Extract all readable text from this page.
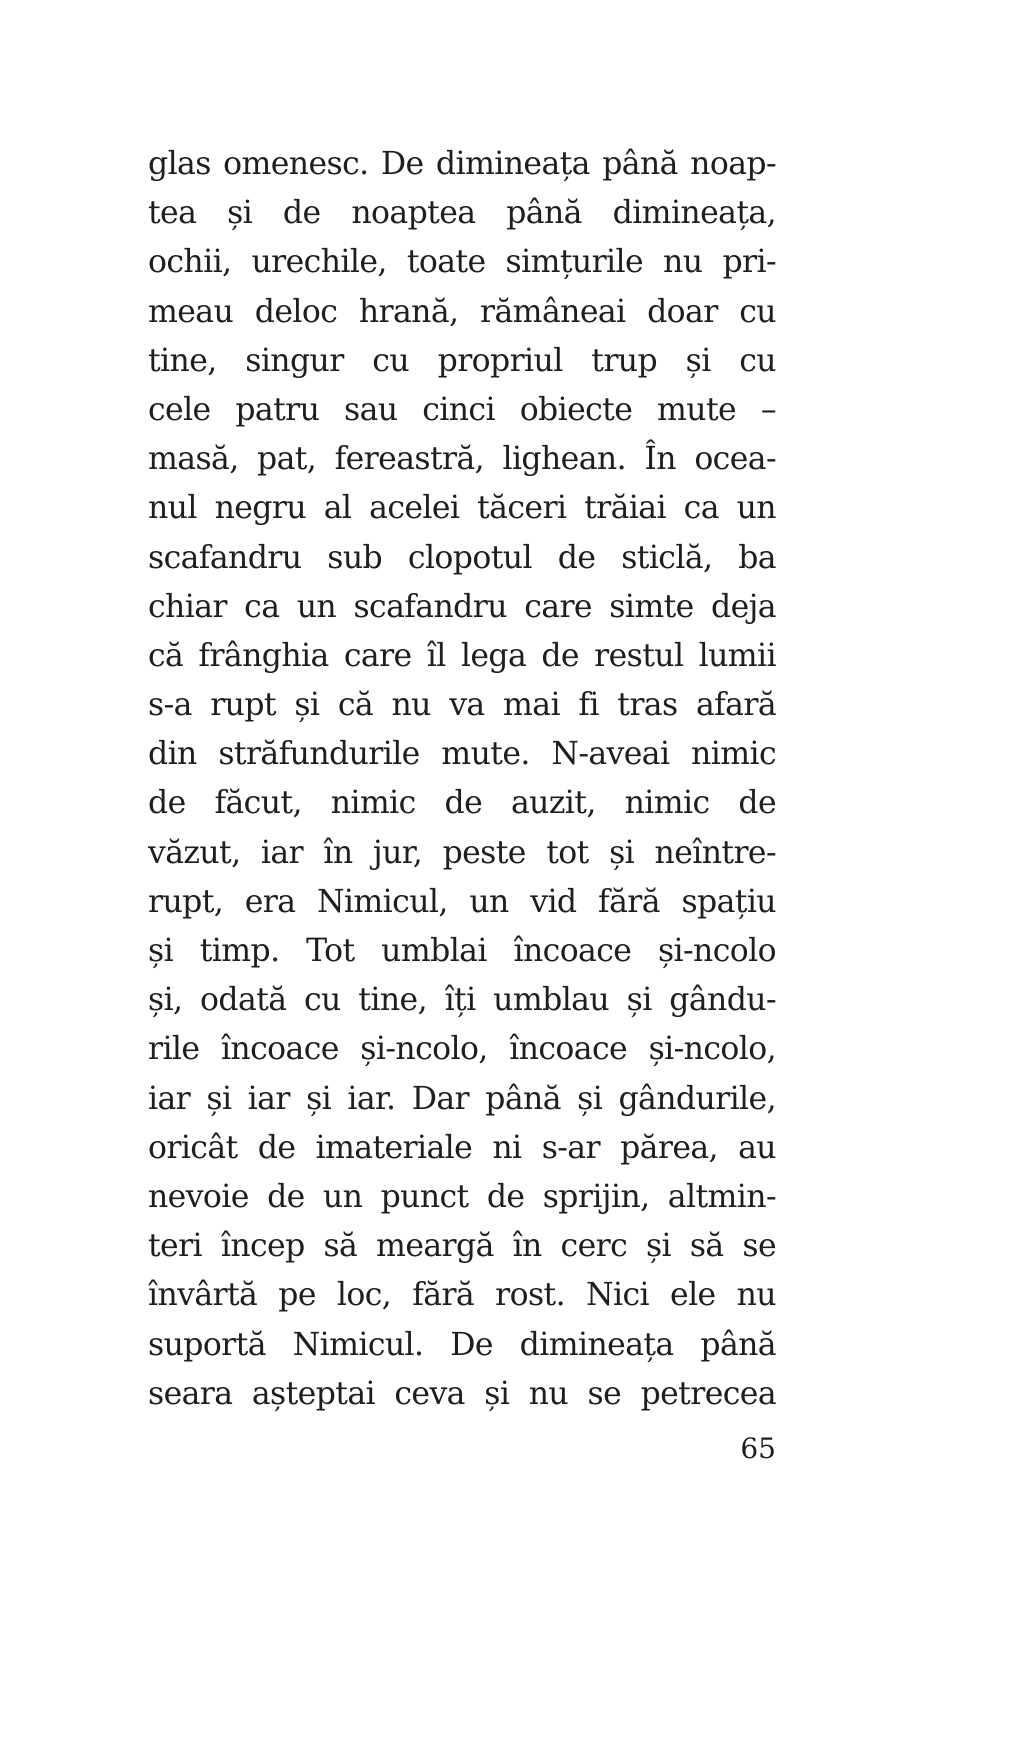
glas omenesc. De dimineața până noap-
tea și de noaptea până dimineața,
ochii, urechile, toate simțurile nu pri-
meau deloc hrană, rămâneai doar cu
tine, singur cu propriul trup și cu
cele patru sau cinci obiecte mute –
masă, pat, fereastră, lighean. În ocea-
nul negru al acelei tăceri trăiai ca un
scafandru sub clopotul de sticlă, ba
chiar ca un scafandru care simte deja
că frânghia care îl lega de restul lumii
s-a rupt și că nu va mai fi tras afară
din străfundurile mute. N-aveai nimic
de făcut, nimic de auzit, nimic de
văzut, iar în jur, peste tot și neîntre-
rupt, era Nimicul, un vid fără spațiu
și timp. Tot umblai încoace și-ncolo
și, odată cu tine, îți umblau și gându-
rile încoace și-ncolo, încoace și-ncolo,
iar și iar și iar. Dar până și gândurile,
oricât de imateriale ni s-ar părea, au
nevoie de un punct de sprijin, altmin-
teri încep să meargă în cerc și să se
învârtă pe loc, fără rost. Nici ele nu
suportă Nimicul. De dimineața până
seara așteptai ceva și nu se petrecea
65
